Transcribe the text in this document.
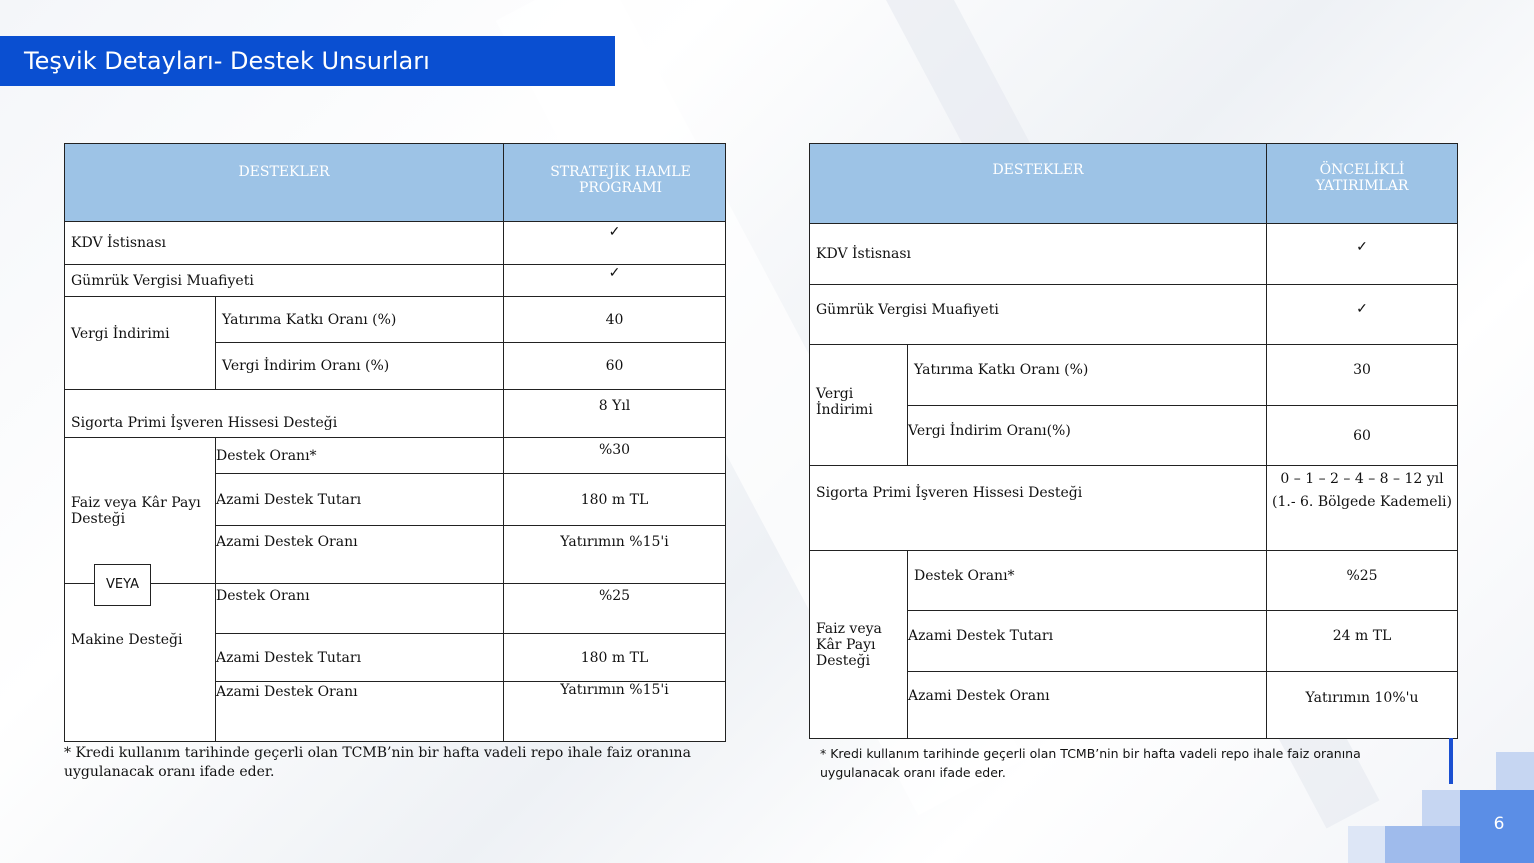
Teşvik Detayları- Destek Unsurları
DESTEKLER		STRATEJİK HAMLE PROGRAMI
KDV İstisnası		✓
Gümrük Vergisi Muafiyeti		✓
Vergi İndirimi	Yatırıma Katkı Oranı (%)	40
	Vergi İndirim Oranı (%)	60
Sigorta Primi İşveren Hissesi Desteği		8 Yıl
Faiz veya Kâr Payı Desteği	Destek Oranı*	%30
	Azami Destek Tutarı	180 m TL
	Azami Destek Oranı	Yatırımın %15'i
Makine Desteği	Destek Oranı	%25
	Azami Destek Tutarı	180 m TL
	Azami Destek Oranı	Yatırımın %15'i
VEYA
* Kredi kullanım tarihinde geçerli olan TCMB’nin bir hafta vadeli repo ihale faiz oranına uygulanacak oranı ifade eder.
DESTEKLER		ÖNCELİKLİ YATIRIMLAR
KDV İstisnası		✓
Gümrük Vergisi Muafiyeti		✓
Vergi İndirimi	Yatırıma Katkı Oranı (%)	30
	Vergi İndirim Oranı(%)	60
Sigorta Primi İşveren Hissesi Desteği		0 – 1 – 2 – 4 – 8 – 12 yıl
(1.- 6. Bölgede Kademeli)

Faiz veya Kâr Payı Desteği	Destek Oranı*	%25
	Azami Destek Tutarı	24 m TL
	Azami Destek Oranı	Yatırımın 10%'u
* Kredi kullanım tarihinde geçerli olan TCMB’nin bir hafta vadeli repo ihale faiz oranına uygulanacak oranı ifade eder.
6
